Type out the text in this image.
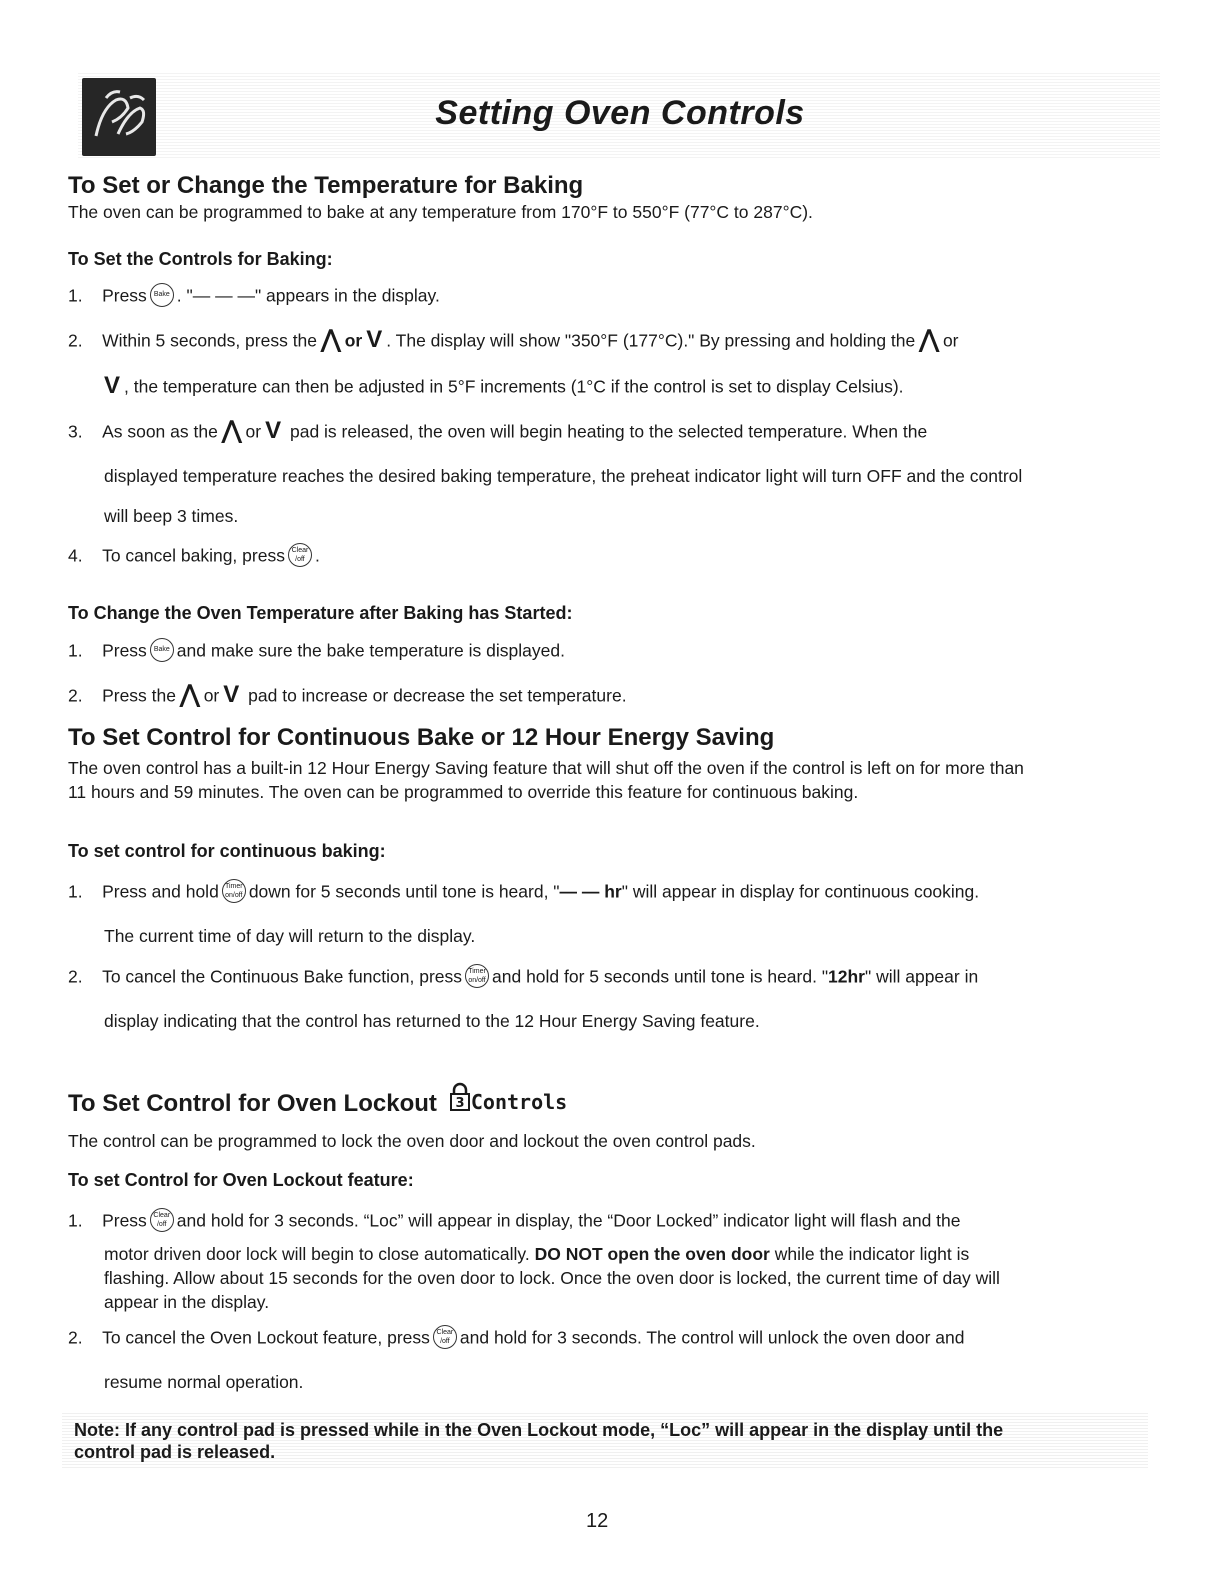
Setting Oven Controls
To Set or Change the Temperature for Baking
The oven can be programmed to bake at any temperature from 170°F to 550°F (77°C to 287°C).
To Set the Controls for Baking:
1. Press Bake . "— — —" appears in the display.
2. Within 5 seconds, press the ⋀ or V . The display will show "350°F (177°C)." By pressing and holding the ⋀ or
V , the temperature can then be adjusted in 5°F increments (1°C if the control is set to display Celsius).
3. As soon as the ⋀ or V pad is released, the oven will begin heating to the selected temperature. When the
displayed temperature reaches the desired baking temperature, the preheat indicator light will turn OFF and the control
will beep 3 times.
4. To cancel baking, press Clear
/off .
To Change the Oven Temperature after Baking has Started:
1. Press Bake and make sure the bake temperature is displayed.
2. Press the ⋀ or V pad to increase or decrease the set temperature.
To Set Control for Continuous Bake or 12 Hour Energy Saving
The oven control has a built-in 12 Hour Energy Saving feature that will shut off the oven if the control is left on for more than
11 hours and 59 minutes. The oven can be programmed to override this feature for continuous baking.
To set control for continuous baking:
1. Press and hold Timer
on/off down for 5 seconds until tone is heard, "— — hr" will appear in display for continuous cooking.
The current time of day will return to the display.
2. To cancel the Continuous Bake function, press Timer
on/off and hold for 5 seconds until tone is heard. "12hr" will appear in
display indicating that the control has returned to the 12 Hour Energy Saving feature.
To Set Control for Oven Lockout 3 Controls
The control can be programmed to lock the oven door and lockout the oven control pads.
To set Control for Oven Lockout feature:
1. Press Clear
/off and hold for 3 seconds. “Loc” will appear in display, the “Door Locked” indicator light will flash and the
motor driven door lock will begin to close automatically. DO NOT open the oven door while the indicator light is
flashing. Allow about 15 seconds for the oven door to lock. Once the oven door is locked, the current time of day will
appear in the display.
2. To cancel the Oven Lockout feature, press Clear
/off and hold for 3 seconds. The control will unlock the oven door and
resume normal operation.
Note: If any control pad is pressed while in the Oven Lockout mode, “Loc” will appear in the display until the
control pad is released.
12
